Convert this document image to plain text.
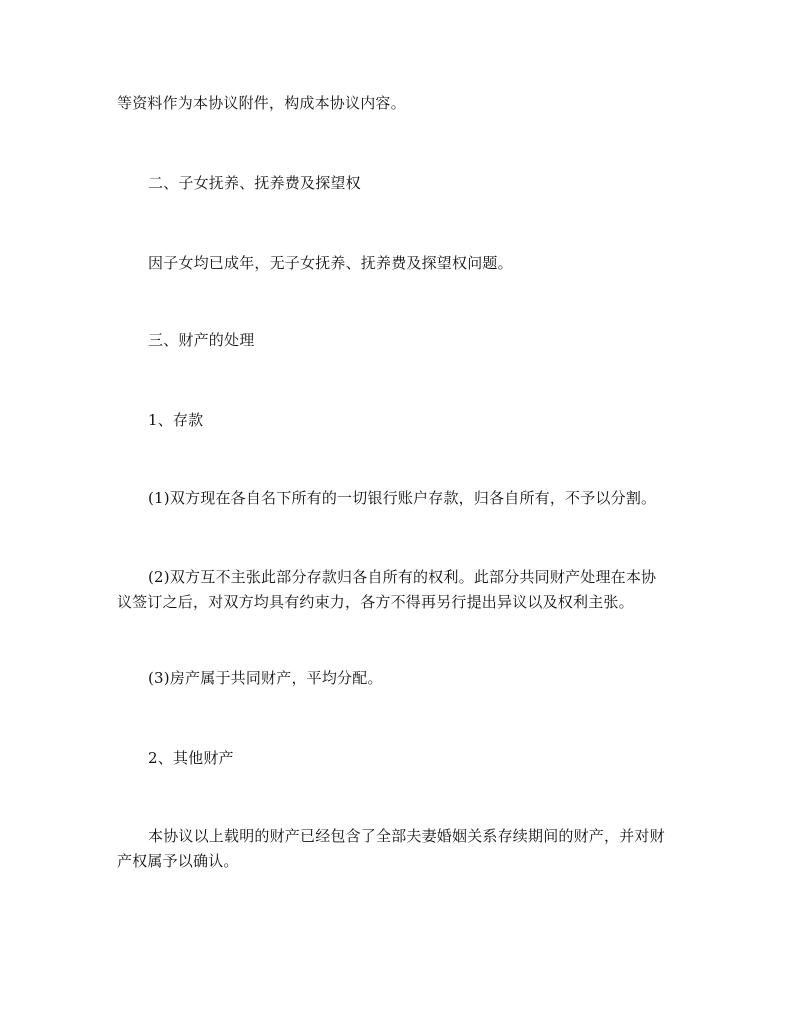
等资料作为本协议附件，构成本协议内容。
二、子女抚养、抚养费及探望权
因子女均已成年，无子女抚养、抚养费及探望权问题。
三、财产的处理
1、存款
(1)双方现在各自名下所有的一切银行账户存款，归各自所有，不予以分割。
(2)双方互不主张此部分存款归各自所有的权利。此部分共同财产处理在本协
议签订之后，对双方均具有约束力，各方不得再另行提出异议以及权利主张。
(3)房产属于共同财产，平均分配。
2、其他财产
本协议以上载明的财产已经包含了全部夫妻婚姻关系存续期间的财产，并对财
产权属予以确认。
